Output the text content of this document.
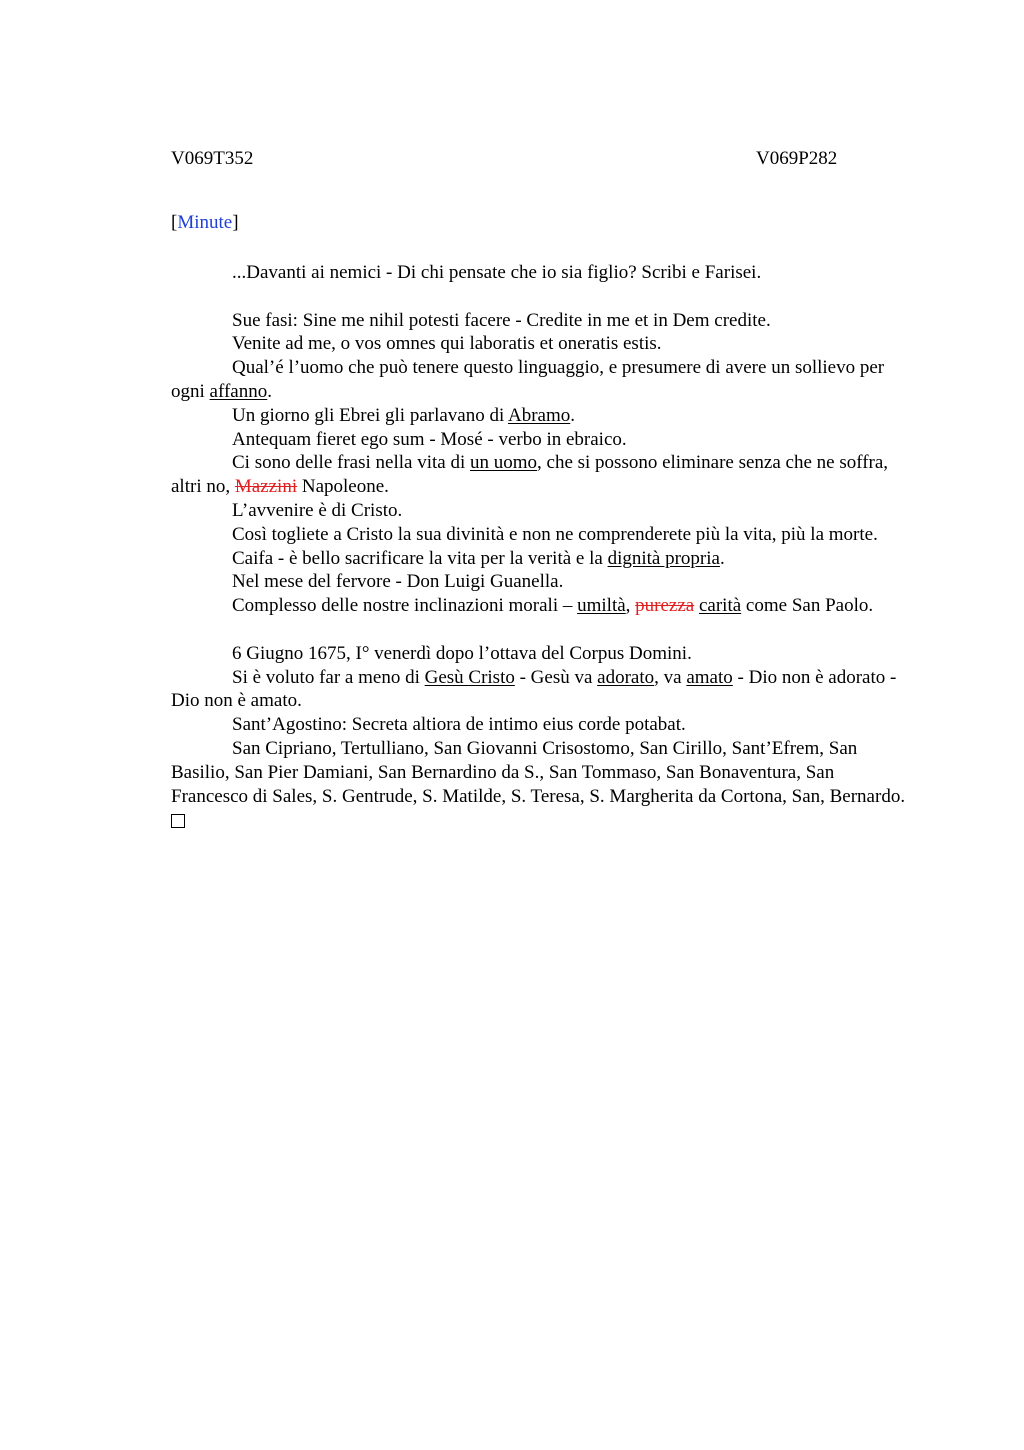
V069T352	V069P282
[Minute]

...Davanti ai nemici - Di chi pensate che io sia figlio? Scribi e Farisei.

Sue fasi: Sine me nihil potesti facere - Credite in me et in Dem credite.

Venite ad me, o vos omnes qui laboratis et oneratis estis.

Qual’é l’uomo che può tenere questo linguaggio, e presumere di avere un sollievo per ogni affanno.

Un giorno gli Ebrei gli parlavano di Abramo.

Antequam fieret ego sum - Mosé - verbo in ebraico.

Ci sono delle frasi nella vita di un uomo, che si possono eliminare senza che ne soffra, altri no, Mazzini Napoleone.

L’avvenire è di Cristo.

Così togliete a Cristo la sua divinità e non ne comprenderete più la vita, più la morte.

Caifa - è bello sacrificare la vita per la verità e la dignità propria.

Nel mese del fervore - Don Luigi Guanella.

Complesso delle nostre inclinazioni morali – umiltà, purezza carità come San Paolo.

6 Giugno 1675, I° venerdì dopo l’ottava del Corpus Domini.

Si è voluto far a meno di Gesù Cristo - Gesù va adorato, va amato - Dio non è adorato - Dio non è amato.

Sant’Agostino: Secreta altiora de intimo eius corde potabat.

San Cipriano, Tertulliano, San Giovanni Crisostomo, San Cirillo, Sant’Efrem, San Basilio, San Pier Damiani, San Bernardino da S., San Tommaso, San Bonaventura, San Francesco di Sales, S. Gentrude, S. Matilde, S. Teresa, S. Margherita da Cortona, San, Bernardo.
